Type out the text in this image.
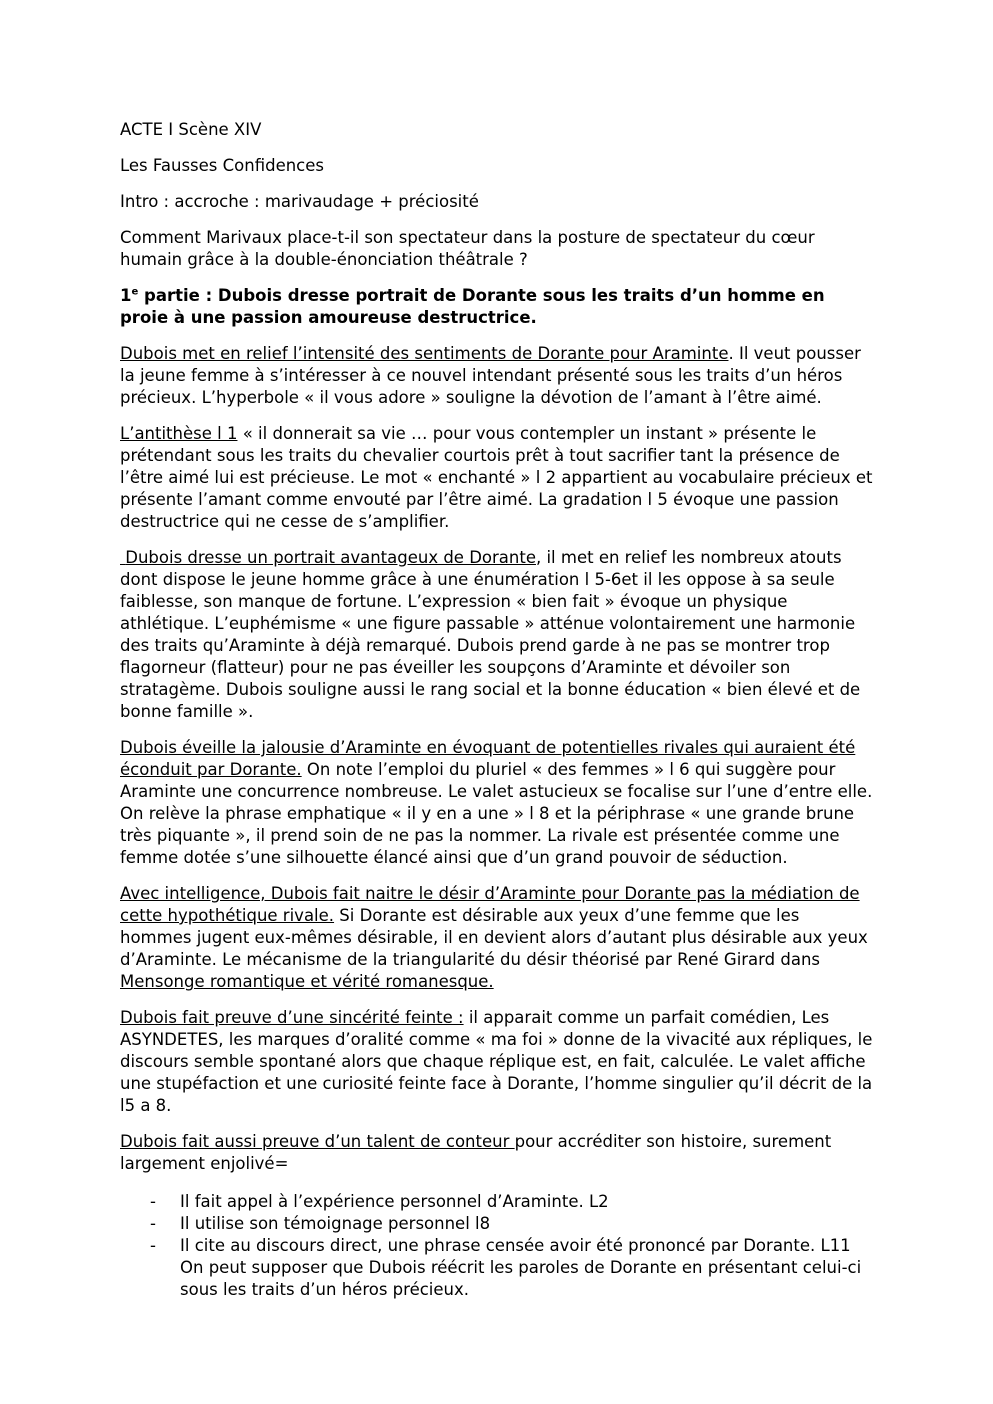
ACTE I Scène XIV

Les Fausses Confidences

Intro : accroche : marivaudage + préciosité

Comment Marivaux place-t-il son spectateur dans la posture de spectateur du cœur humain grâce à la double-énonciation théâtrale ?

1e partie : Dubois dresse portrait de Dorante sous les traits d’un homme en proie à une passion amoureuse destructrice.

Dubois met en relief l’intensité des sentiments de Dorante pour Araminte. Il veut pousser la jeune femme à s’intéresser à ce nouvel intendant présenté sous les traits d’un héros précieux. L’hyperbole « il vous adore » souligne la dévotion de l’amant à l’être aimé.

L’antithèse l 1 « il donnerait sa vie … pour vous contempler un instant » présente le prétendant sous les traits du chevalier courtois prêt à tout sacrifier tant la présence de l’être aimé lui est précieuse. Le mot « enchanté » l 2 appartient au vocabulaire précieux et présente l’amant comme envouté par l’être aimé. La gradation l 5 évoque une passion destructrice qui ne cesse de s’amplifier.

Dubois dresse un portrait avantageux de Dorante, il met en relief les nombreux atouts dont dispose le jeune homme grâce à une énumération l 5-6et il les oppose à sa seule faiblesse, son manque de fortune. L’expression « bien fait » évoque un physique athlétique. L’euphémisme « une figure passable » atténue volontairement une harmonie des traits qu’Araminte à déjà remarqué. Dubois prend garde à ne pas se montrer trop flagorneur (flatteur) pour ne pas éveiller les soupçons d’Araminte et dévoiler son stratagème. Dubois souligne aussi le rang social et la bonne éducation « bien élevé et de bonne famille ».

Dubois éveille la jalousie d’Araminte en évoquant de potentielles rivales qui auraient été éconduit par Dorante. On note l’emploi du pluriel « des femmes » l 6 qui suggère pour Araminte une concurrence nombreuse. Le valet astucieux se focalise sur l’une d’entre elle. On relève la phrase emphatique « il y en a une » l 8 et la périphrase « une grande brune très piquante », il prend soin de ne pas la nommer. La rivale est présentée comme une femme dotée s’une silhouette élancé ainsi que d’un grand pouvoir de séduction.

Avec intelligence, Dubois fait naitre le désir d’Araminte pour Dorante pas la médiation de cette hypothétique rivale. Si Dorante est désirable aux yeux d’une femme que les hommes jugent eux-mêmes désirable, il en devient alors d’autant plus désirable aux yeux d’Araminte. Le mécanisme de la triangularité du désir théorisé par René Girard dans Mensonge romantique et vérité romanesque.

Dubois fait preuve d’une sincérité feinte : il apparait comme un parfait comédien, Les ASYNDETES, les marques d’oralité comme « ma foi » donne de la vivacité aux répliques, le discours semble spontané alors que chaque réplique est, en fait, calculée. Le valet affiche une stupéfaction et une curiosité feinte face à Dorante, l’homme singulier qu’il décrit de la l5 a 8.

Dubois fait aussi preuve d’un talent de conteur pour accréditer son histoire, surement largement enjolivé=

- Il fait appel à l’expérience personnel d’Araminte. L2
- Il utilise son témoignage personnel l8
- Il cite au discours direct, une phrase censée avoir été prononcé par Dorante. L11 On peut supposer que Dubois réécrit les paroles de Dorante en présentant celui-ci sous les traits d’un héros précieux.
